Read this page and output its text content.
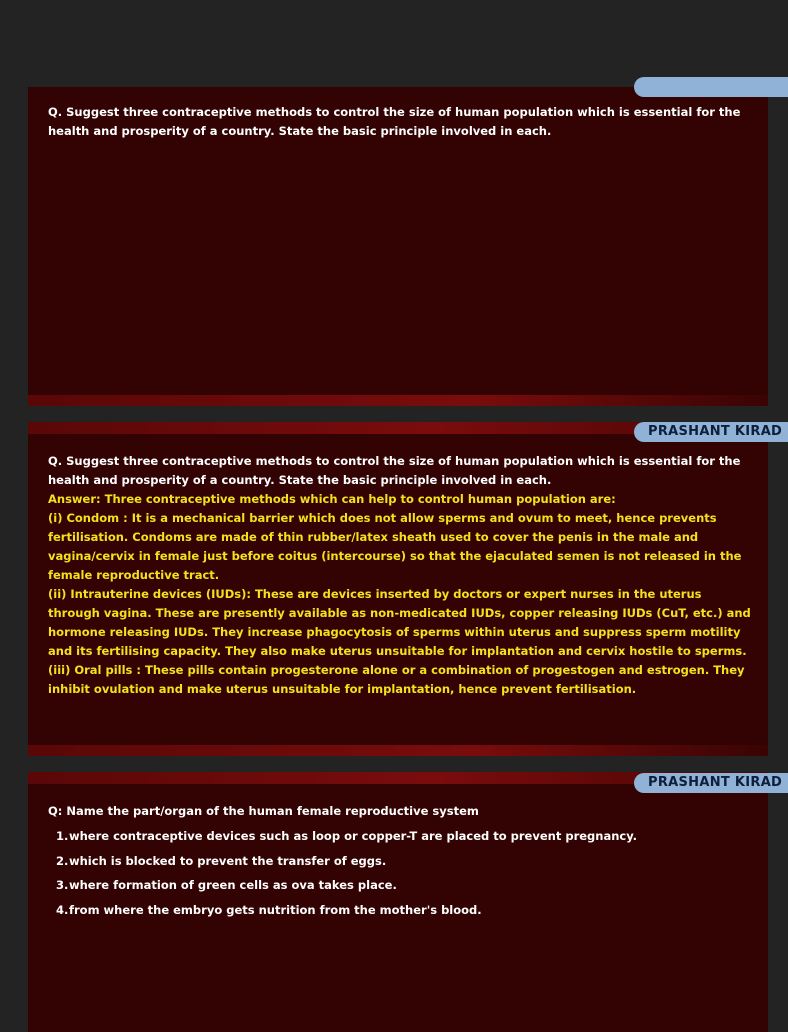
Q. Suggest three contraceptive methods to control the size of human population which is essential for the health and prosperity of a country. State the basic principle involved in each.
PRASHANT KIRAD
Q. Suggest three contraceptive methods to control the size of human population which is essential for the health and prosperity of a country. State the basic principle involved in each.
Answer: Three contraceptive methods which can help to control human population are:
(i) Condom : It is a mechanical barrier which does not allow sperms and ovum to meet, hence prevents fertilisation. Condoms are made of thin rubber/latex sheath used to cover the penis in the male and vagina/cervix in female just before coitus (intercourse) so that the ejaculated semen is not released in the female reproductive tract.
(ii) Intrauterine devices (IUDs): These are devices inserted by doctors or expert nurses in the uterus through vagina. These are presently available as non-medicated IUDs, copper releasing IUDs (CuT, etc.) and hormone releasing IUDs. They increase phagocytosis of sperms within uterus and suppress sperm motility and its fertilising capacity. They also make uterus unsuitable for implantation and cervix hostile to sperms.
(iii) Oral pills : These pills contain progesterone alone or a combination of progestogen and estrogen. They inhibit ovulation and make uterus unsuitable for implantation, hence prevent fertilisation.
PRASHANT KIRAD
Q: Name the part/organ of the human female reproductive system
1. where contraceptive devices such as loop or copper-T are placed to prevent pregnancy.
2. which is blocked to prevent the transfer of eggs.
3. where formation of green cells as ova takes place.
4. from where the embryo gets nutrition from the mother's blood.
